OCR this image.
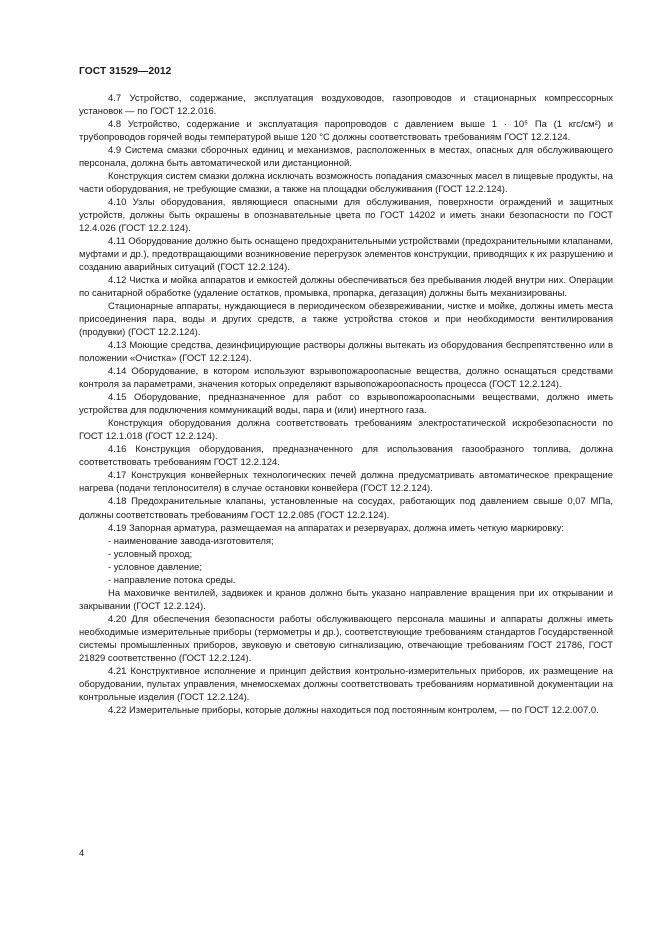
ГОСТ 31529—2012

4.7 Устройство, содержание, эксплуатация воздуховодов, газопроводов и стационарных компрессорных установок — по ГОСТ 12.2.016.

4.8 Устройство, содержание и эксплуатация паропроводов с давлением выше 1 · 10⁵ Па (1 кгс/см²) и трубопроводов горячей воды температурой выше 120 °С должны соответствовать требованиям ГОСТ 12.2.124.

4.9 Система смазки сборочных единиц и механизмов, расположенных в местах, опасных для обслуживающего персонала, должна быть автоматической или дистанционной.

Конструкция систем смазки должна исключать возможность попадания смазочных масел в пищевые продукты, на части оборудования, не требующие смазки, а также на площадки обслуживания (ГОСТ 12.2.124).

4.10 Узлы оборудования, являющиеся опасными для обслуживания, поверхности ограждений и защитных устройств, должны быть окрашены в опознавательные цвета по ГОСТ 14202 и иметь знаки безопасности по ГОСТ 12.4.026 (ГОСТ 12.2.124).

4.11 Оборудование должно быть оснащено предохранительными устройствами (предохранительными клапанами, муфтами и др.), предотвращающими возникновение перегрузок элементов конструкции, приводящих к их разрушению и созданию аварийных ситуаций (ГОСТ 12.2.124).

4.12 Чистка и мойка аппаратов и емкостей должны обеспечиваться без пребывания людей внутри них. Операции по санитарной обработке (удаление остатков, промывка, пропарка, дегазация) должны быть механизированы.

Стационарные аппараты, нуждающиеся в периодическом обезвреживании, чистке и мойке, должны иметь места присоединения пара, воды и других средств, а также устройства стоков и при необходимости вентилирования (продувки) (ГОСТ 12.2.124).

4.13 Моющие средства, дезинфицирующие растворы должны вытекать из оборудования беспрепятственно или в положении «Очистка» (ГОСТ 12.2.124).

4.14 Оборудование, в котором используют взрывопожароопасные вещества, должно оснащаться средствами контроля за параметрами, значения которых определяют взрывопожароопасность процесса (ГОСТ 12.2.124).

4.15 Оборудование, предназначенное для работ со взрывопожароопасными веществами, должно иметь устройства для подключения коммуникаций воды, пара и (или) инертного газа.

Конструкция оборудования должна соответствовать требованиям электростатической искробезопасности по ГОСТ 12.1.018 (ГОСТ 12.2.124).

4.16 Конструкция оборудования, предназначенного для использования газообразного топлива, должна соответствовать требованиям ГОСТ 12.2.124.

4.17 Конструкция конвейерных технологических печей должна предусматривать автоматическое прекращение нагрева (подачи теплоносителя) в случае остановки конвейера (ГОСТ 12.2.124).

4.18 Предохранительные клапаны, установленные на сосудах, работающих под давлением свыше 0,07 МПа, должны соответствовать требованиям ГОСТ 12.2.085 (ГОСТ 12.2.124).

4.19 Запорная арматура, размещаемая на аппаратах и резервуарах, должна иметь четкую маркировку:

- наименование завода-изготовителя;

- условный проход;

- условное давление;

- направление потока среды.

На маховичке вентилей, задвижек и кранов должно быть указано направление вращения при их открывании и закрывании (ГОСТ 12.2.124).

4.20 Для обеспечения безопасности работы обслуживающего персонала машины и аппараты должны иметь необходимые измерительные приборы (термометры и др.), соответствующие требованиям стандартов Государственной системы промышленных приборов, звуковую и световую сигнализацию, отвечающие требованиям ГОСТ 21786, ГОСТ 21829 соответственно (ГОСТ 12.2.124).

4.21 Конструктивное исполнение и принцип действия контрольно-измерительных приборов, их размещение на оборудовании, пультах управления, мнемосхемах должны соответствовать требованиям нормативной документации на контрольные изделия (ГОСТ 12.2.124).

4.22 Измерительные приборы, которые должны находиться под постоянным контролем, — по ГОСТ 12.2.007.0.

4
